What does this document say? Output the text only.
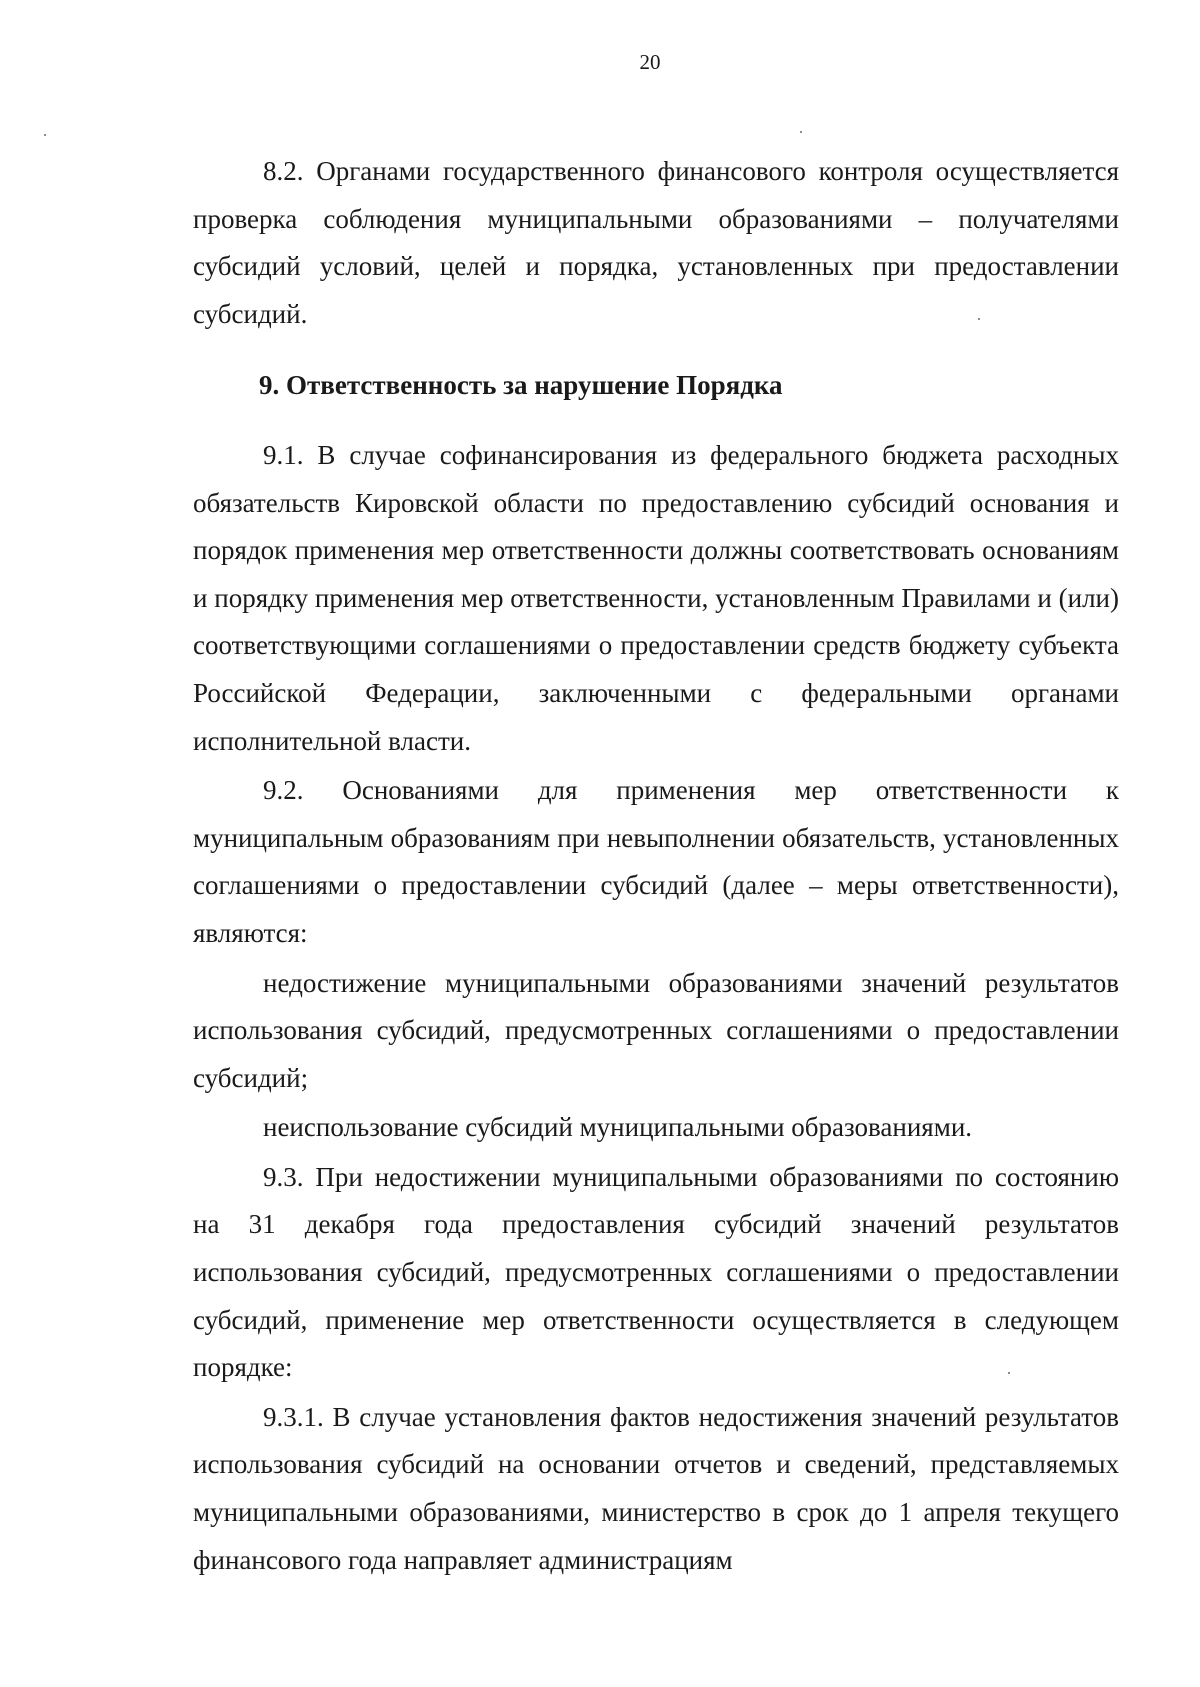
20

8.2. Органами государственного финансового контроля осуществляется проверка соблюдения муниципальными образованиями – получателями субсидий условий, целей и порядка, установленных при предоставлении субсидий.

9. Ответственность за нарушение Порядка

9.1. В случае софинансирования из федерального бюджета расходных обязательств Кировской области по предоставлению субсидий основания и порядок применения мер ответственности должны соответствовать основаниям и порядку применения мер ответственности, установленным Правилами и (или) соответствующими соглашениями о предоставлении средств бюджету субъекта Российской Федерации, заключенными с федеральными органами исполнительной власти.

9.2. Основаниями для применения мер ответственности к муниципальным образованиям при невыполнении обязательств, установленных соглашениями о предоставлении субсидий (далее – меры ответственности), являются:

недостижение муниципальными образованиями значений результатов использования субсидий, предусмотренных соглашениями о предоставлении субсидий;

неиспользование субсидий муниципальными образованиями.

9.3. При недостижении муниципальными образованиями по состоянию на 31 декабря года предоставления субсидий значений результатов использования субсидий, предусмотренных соглашениями о предоставлении субсидий, применение мер ответственности осуществляется в следующем порядке:

9.3.1. В случае установления фактов недостижения значений результатов использования субсидий на основании отчетов и сведений, представляемых муниципальными образованиями, министерство в срок до 1 апреля текущего финансового года направляет администрациям
